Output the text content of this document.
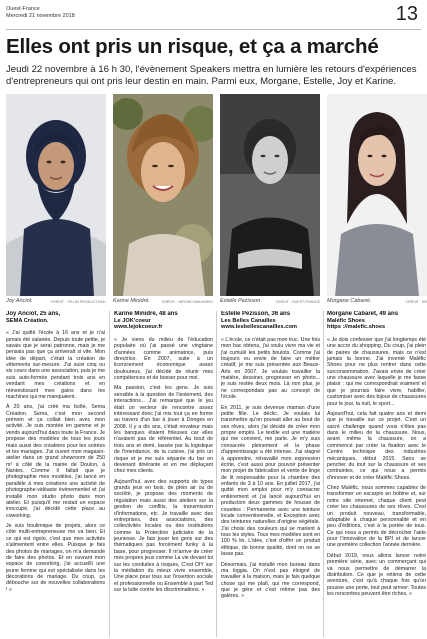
Ouest-France
Mercredi 21 novembre 2018	13
Elles ont pris un risque, et ça a marché
Jeudi 22 novembre à 16 h 30, l'évènement Speakers mettra en lumière les retours d'expériences d'entrepreneurs qui ont pris leur destin en main. Parmi eux, Morgane, Estelle, Joy et Karine.
Joy Anciot.	CRÉDIT : «PLUM PRODUCTION» Karine Minidré.	CRÉDIT : «BRUNO MAUNOIR» Estelle Pezisson.	CRÉDIT : OUEST-FRANCE Morgane Cabaret.	CRÉDIT : DR
Joy Anciot, 25 ans,
SEMA Création.

« J'ai quitté l'école à 16 ans et je n'ai jamais été salariée. Depuis toute petite, je savais que je serai patronne, mais je me pensais pas que ça arriverait si vite. Mon idée de départ, c'était la création de vêtements sur-mesure. J'ai suivi cinq ou six cours dans une association, puis je me suis auto-formée pendant trois ans en vendant mes créations et en réinvestissant mes gains dans les machines qui me manquaient.

À 20 ans, j'ai créé ma boîte, Sema Création. Sema, c'est mon second prénom et ça collait bien avec mon activité. Je suis montée en gamme et je vends aujourd'hui dans toute la France. Je propose des modèles de tous les jours mais aussi des créations pour les soirées et les mariages. J'ai ouvert mon magasin-atelier dans un grand showroom de 250 m² à côté de la mairie de Doulon, à Nantes. Comme il fallait que je photographie mes modèles, j'ai lancé en parallèle à mes créations une activité de photographe-vidéaste évènementiel et j'ai installé mon studio photo dans mon atelier. Et puisqu'il me restait un espace inoccupé, j'ai décidé cette place au coworking.

Je suis boulimique de projets, alors ce côté multi-entrepreneuse me va bien. Et ce qui est rigolo, c'est que mes activités s'alimentent entre elles. Puisque je fais des photos de mariages, on m'a demandé de faire des photos. Et en ouvrant mon espace de coworking, j'ai accueilli une jeune femme qui est spécialisée dans les décorations de mariage. Du coup, ça débouche sur de nouvelles collaborations ! »

Karine Minidré, 48 ans
Le JOK'coeur
www.lejokcoeur.fr

« Je viens du milieu de l'éducation populaire où j'ai passé une vingtaine d'années comme animatrice, puis directrice. En 2007, suite à un licenciement économique assez douloureux, j'ai décidé de réunir mes compétences et de bosser pour moi.

Ma passion, c'est les gens. Je suis sensible à la question de l'isolement, des interactions... J'ai remarqué que le jeu était un vecteur de rencontre assez intéressant donc j'ai mis tout ça en forme au travers d'un bar à jouer à Donges en 2008. Il y a dix ans, c'était novateur mais les banques étaient frileuses car elles n'avaient pas de référentiel. Au bout de trois ans et demi, lassée par la logistique de l'intendance, de la cuisine, j'ai pris un risque et je me suis séparée du bar en devenant itinérante et en me déplaçant chez mes clients.

Aujourd'hui, avec des supports de types grands jeux en bois, de plein air ou de société, je propose des moments de régulation mais aussi des ateliers sur la gestion de conflits, la transmission d'informations, etc. Je travaille avec des entreprises, des associations, des collectivités locales ou des institutions comme la Protection judiciaire de la jeunesse. Je fais jouer les gens sur des thématiques pas forcément funky à la base, pour progresser. Il m'arrive de créer mes propres jeux comme La vie devant toi sur les conduites à risques, C'est DIY sur la médiation du mieux vivre ensemble, Une place pour tous sur l'insertion sociale et professionnelle ou Ensemble à part Ted sur la lutte contre les discriminations. »

Estelle Pezisson, 36 ans
Les Belles Canailles
www.lesbellescanailles.com

« L'école, ce n'était pas mon truc. Une fois mon bac obtenu, j'ai voulu vivre ma vie et j'ai cumulé les petits boulots. Comme j'ai toujours eu envie de faire un métier créatif, je me suis présentée aux Beaux-Arts en 2007. Je voulais travailler la matière, dessiner, progresser en photo... je suis restée deux mois. Là non plus, je ne correspondais pas au concept de l'école.

En 2011, je suis devenue maman d'une petite fille. Le déclic. Je voulais lui transmettre qu'on pouvait aller au bout de ses rêves, alors j'ai décidé de créer mon propre emploi. Le textile est une matière qui me convient, me parle. Je m'y suis consacrée pleinement et la phase d'apprentissage a été intense. J'ai stagné à apprendre, retravaillé mon expression écrite, c'est aussi pour pouvoir présenter mon projet de fabrication et vente de linge de lit responsable pour la chambre des enfants de 3 à 10 ans. En juillet 2017, j'ai quitté mon emploi pour m'y consacrer entièrement et j'ai lancé aujourd'hui en production deux gammes de housse de couettes : Permanente avec une teinture locale conventionnelle, et Exception avec des teintures naturelles d'origine végétale. J'ai choisi des couleurs qui se marient à tous les styles. Tous mes modèles sont en 100 % lin. L'idée, c'est d'offrir un produit éthique, de bonne qualité, dont on ne se lasse pas.

Désormais, j'ai installé mon bureau dans ma loggia. On n'est pas éloigné de travailler à la maison, mais je fais quelque chose qui me plaît, qui me correspond, que je gère et c'est même pas des galères. »

Morgane Cabaret, 49 ans
Maléfic Shoes
https ://malefic.shoes

« Je dois confesser que j'ai longtemps été une accro du shopping. Du coup, j'ai plein de paires de chaussures, mais ce n'est jamais la bonne. J'ai inventé Maléfic Shoes pour ne plus rentrer dans cette surconsommation. J'avais envie de créer une chaussure avec laquelle je me fasse plaisir : qui me correspondrait vraiment et que je pourrais faire vivre, habiller, customiser avec des bijoux de chaussures pour le jour, la nuit, le sport...

Aujourd'hui, cela fait quatre ans et demi que je travaille sur ce projet. C'est un sacré challenge quand vous n'êtes pas dans le milieu de la chaussure. Nous, avant même la chaussure, on a commencé par créer la fixation avec le Centre technique des industries mécaniques, début 2015. Sans se pencher du tout sur la chaussure et ses contraintes, ce qui nous a permis d'innover et de créer Maléfic Shoes.

Chez Maléfic, nous sommes capables de transformer un escarpin en bottine et, sur notre site internet, chaque client peut créer les chaussures de ses rêves. C'est un produit nouveau, transformable, adaptable à chaque personnalité et en peu d'éditions, c'est à la portée de tous. Ce qui nous a permis de décrocher l'aide pour l'innovation de la BPI et de lancer une première collection l'année dernière.

Début 2019, nous allons lancer notre première série, avec un commerçant qui va nous permettre de démarrer la distribution. Ce que je retiens de cette aventure, c'est qu'à chaque fois qu'on pousse une porte, tout peut arriver. Toutes les rencontres peuvent être riches. »
